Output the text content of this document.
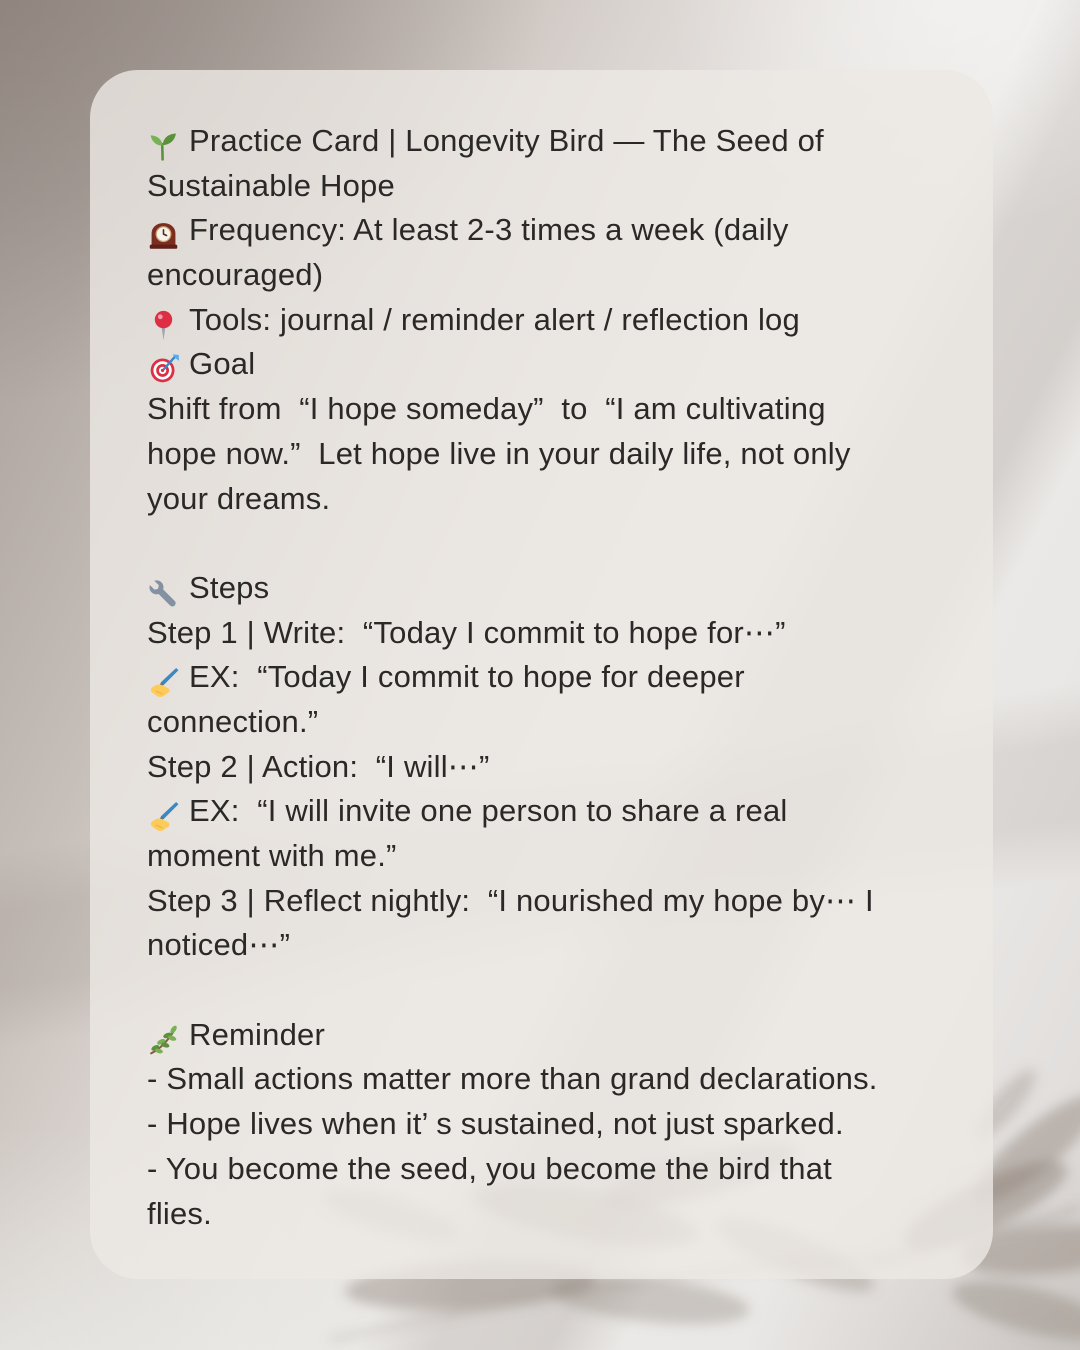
Practice Card | Longevity Bird — The Seed of
Sustainable Hope
Frequency: At least 2-3 times a week (daily
encouraged)
Tools: journal / reminder alert / reflection log
Goal
Shift from  “I hope someday”  to  “I am cultivating
hope now.”  Let hope live in your daily life, not only
your dreams.
Steps
Step 1 | Write:  “Today I commit to hope for⋯”
EX:  “Today I commit to hope for deeper
connection.”
Step 2 | Action:  “I will⋯”
EX:  “I will invite one person to share a real
moment with me.”
Step 3 | Reflect nightly:  “I nourished my hope by⋯ I
noticed⋯”
Reminder
- Small actions matter more than grand declarations.
- Hope lives when it’ s sustained, not just sparked.
- You become the seed, you become the bird that
flies.
